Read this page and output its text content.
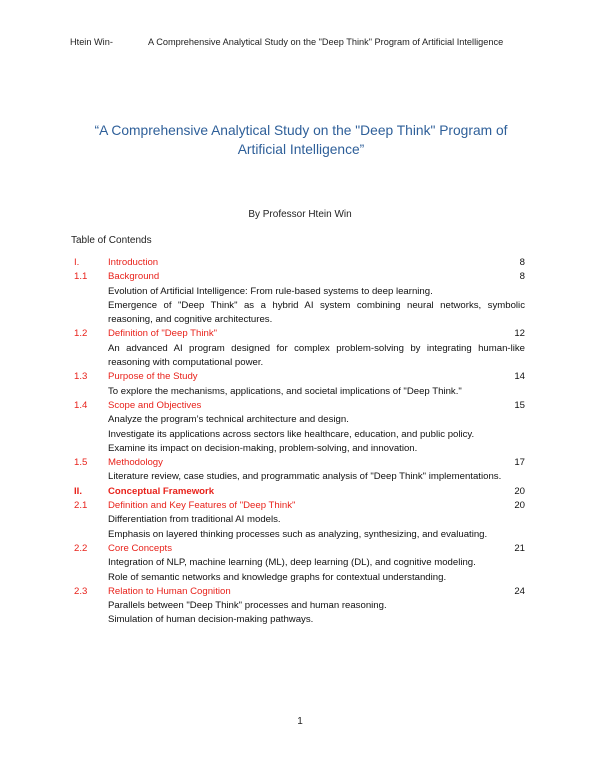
Htein Win-	A Comprehensive Analytical Study on the "Deep Think" Program of Artificial Intelligence
“A Comprehensive Analytical Study on the "Deep Think" Program of Artificial Intelligence”
By Professor Htein Win
Table of Contends
I.	Introduction	8
1.1	Background	8

Evolution of Artificial Intelligence: From rule-based systems to deep learning.

Emergence of "Deep Think" as a hybrid AI system combining neural networks, symbolic reasoning, and cognitive architectures.

1.2	Definition of "Deep Think"	12

An advanced AI program designed for complex problem-solving by integrating human-like reasoning with computational power.

1.3	Purpose of the Study	14

To explore the mechanisms, applications, and societal implications of "Deep Think."

1.4	Scope and Objectives	15

Analyze the program’s technical architecture and design.

Investigate its applications across sectors like healthcare, education, and public policy.

Examine its impact on decision-making, problem-solving, and innovation.

1.5	Methodology	17

Literature review, case studies, and programmatic analysis of "Deep Think" implementations.

II.	Conceptual Framework	20
2.1	Definition and Key Features of "Deep Think"	20

Differentiation from traditional AI models.

Emphasis on layered thinking processes such as analyzing, synthesizing, and evaluating.

2.2	Core Concepts	21

Integration of NLP, machine learning (ML), deep learning (DL), and cognitive modeling.

Role of semantic networks and knowledge graphs for contextual understanding.

2.3	Relation to Human Cognition	24

Parallels between "Deep Think" processes and human reasoning.

Simulation of human decision-making pathways.

1
